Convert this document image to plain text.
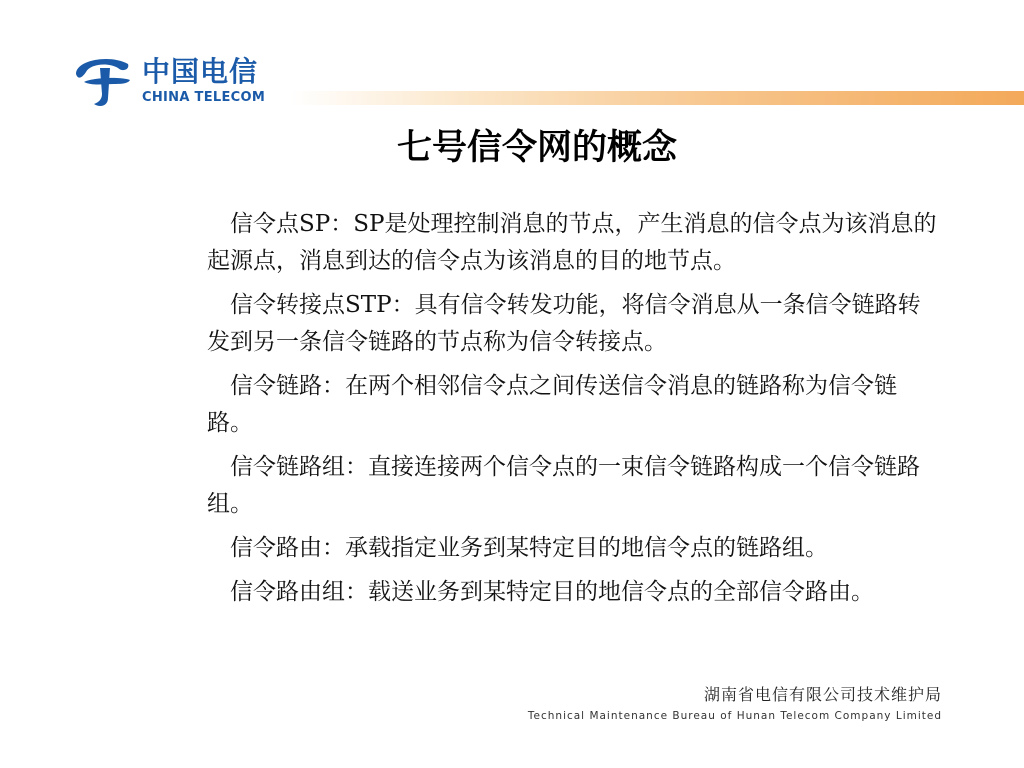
中国电信
CHINA TELECOM
七号信令网的概念

信令点SP：SP是处理控制消息的节点，产生消息的信令点为该消息的起源点，消息到达的信令点为该消息的目的地节点。

信令转接点STP：具有信令转发功能，将信令消息从一条信令链路转发到另一条信令链路的节点称为信令转接点。

信令链路：在两个相邻信令点之间传送信令消息的链路称为信令链路。

信令链路组：直接连接两个信令点的一束信令链路构成一个信令链路组。

信令路由：承载指定业务到某特定目的地信令点的链路组。

信令路由组：载送业务到某特定目的地信令点的全部信令路由。

湖南省电信有限公司技术维护局
Technical Maintenance Bureau of Hunan Telecom Company Limited
